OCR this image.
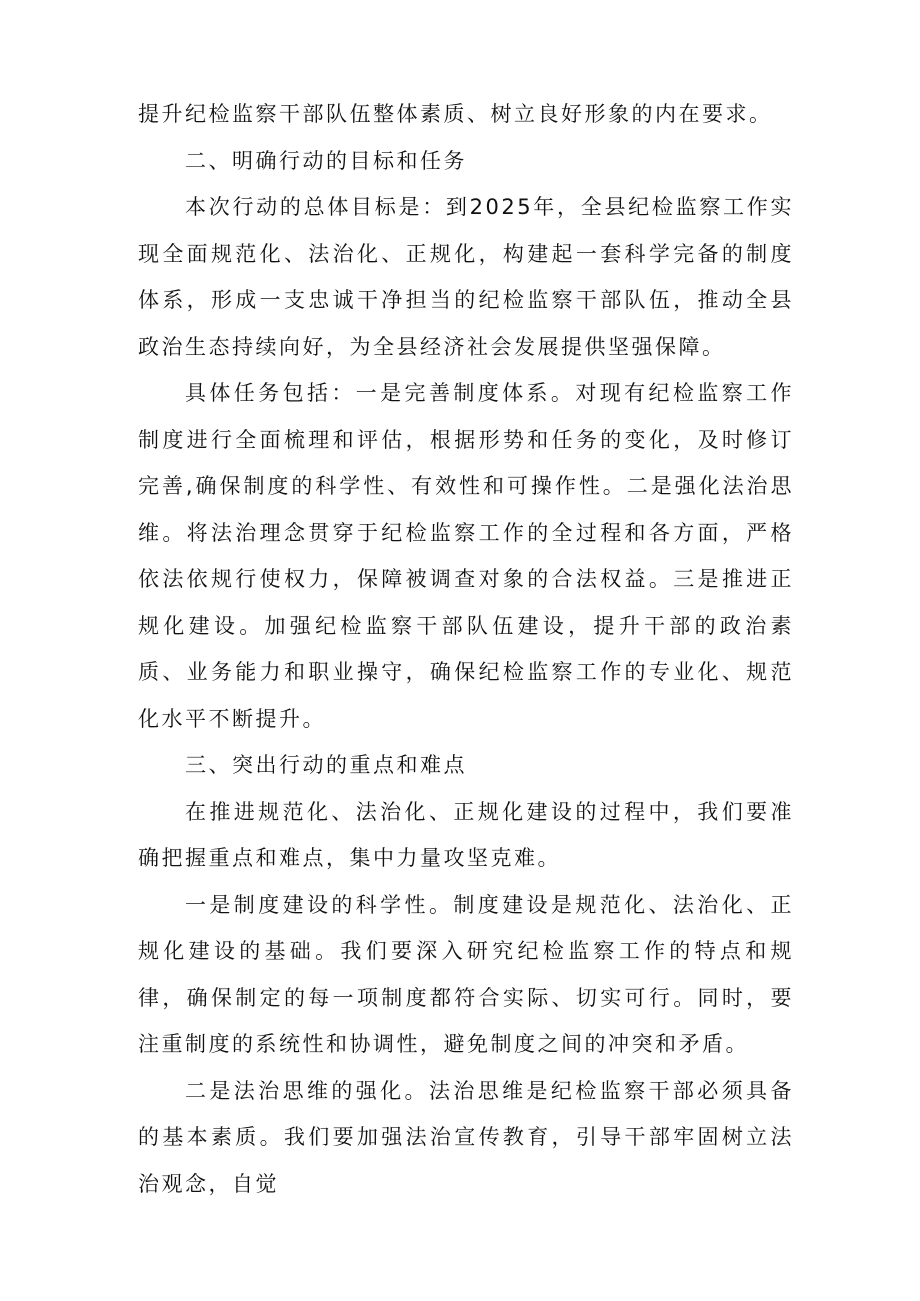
提升纪检监察干部队伍整体素质、树立良好形象的内在要求。

二、明确行动的目标和任务

本次行动的总体目标是：到2025年，全县纪检监察工作实现全面规范化、法治化、正规化，构建起一套科学完备的制度体系，形成一支忠诚干净担当的纪检监察干部队伍，推动全县政治生态持续向好，为全县经济社会发展提供坚强保障。

具体任务包括：一是完善制度体系。对现有纪检监察工作制度进行全面梳理和评估，根据形势和任务的变化，及时修订完善,确保制度的科学性、有效性和可操作性。二是强化法治思维。将法治理念贯穿于纪检监察工作的全过程和各方面，严格依法依规行使权力，保障被调查对象的合法权益。三是推进正规化建设。加强纪检监察干部队伍建设，提升干部的政治素质、业务能力和职业操守，确保纪检监察工作的专业化、规范化水平不断提升。

三、突出行动的重点和难点

在推进规范化、法治化、正规化建设的过程中，我们要准确把握重点和难点，集中力量攻坚克难。

一是制度建设的科学性。制度建设是规范化、法治化、正规化建设的基础。我们要深入研究纪检监察工作的特点和规律，确保制定的每一项制度都符合实际、切实可行。同时，要注重制度的系统性和协调性，避免制度之间的冲突和矛盾。

二是法治思维的强化。法治思维是纪检监察干部必须具备的基本素质。我们要加强法治宣传教育，引导干部牢固树立法治观念，自觉
